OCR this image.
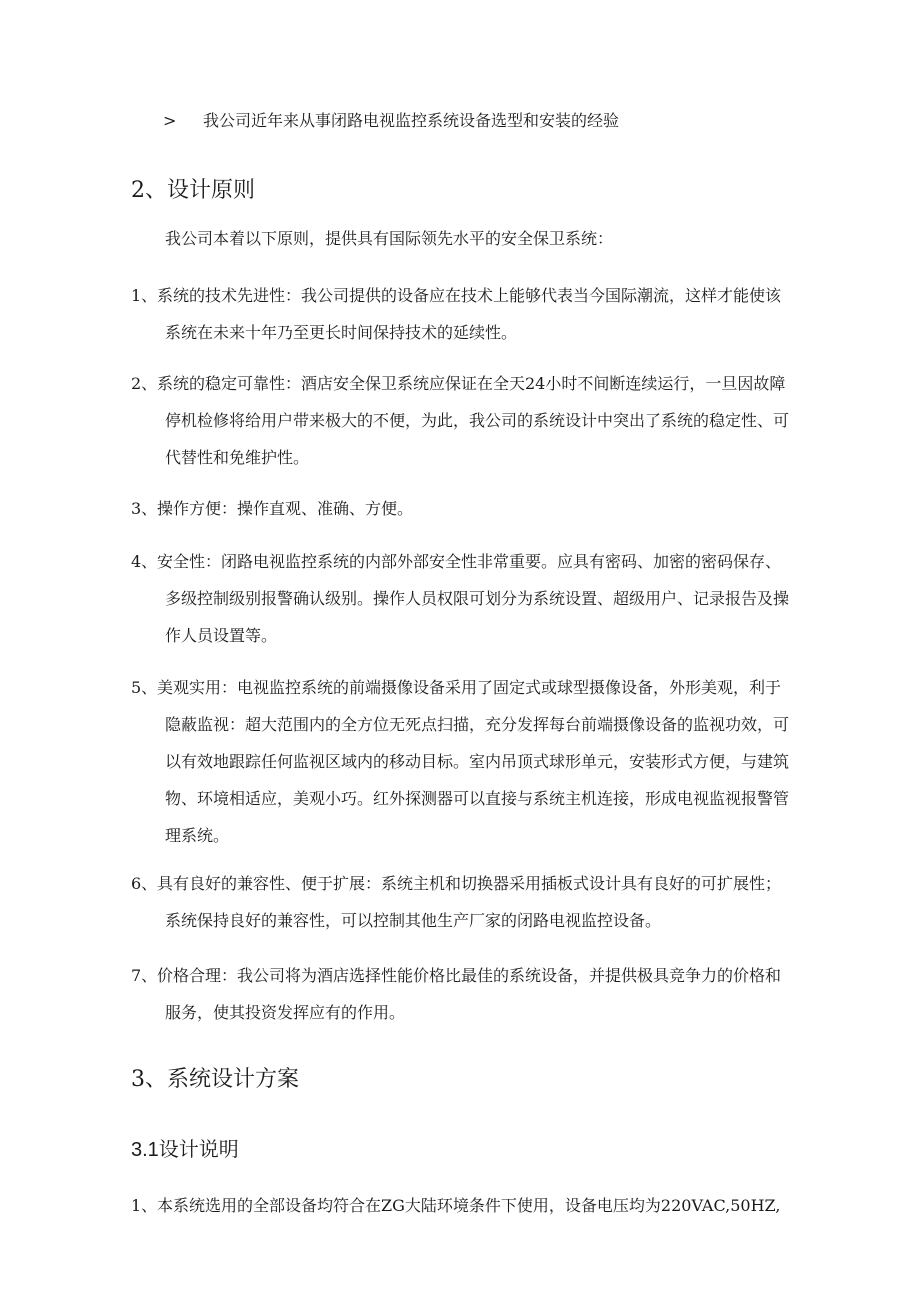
> 我公司近年来从事闭路电视监控系统设备选型和安装的经验
2、设计原则
我公司本着以下原则，提供具有国际领先水平的安全保卫系统：
1、 系统的技术先进性：我公司提供的设备应在技术上能够代表当今国际潮流，这样才能使该系统在未来十年乃至更长时间保持技术的延续性。
2、 系统的稳定可靠性：酒店安全保卫系统应保证在全天24小时不间断连续运行，一旦因故障停机检修将给用户带来极大的不便，为此，我公司的系统设计中突出了系统的稳定性、可代替性和免维护性。
3、 操作方便：操作直观、准确、方便。
4、 安全性：闭路电视监控系统的内部外部安全性非常重要。应具有密码、加密的密码保存、多级控制级别报警确认级别。操作人员权限可划分为系统设置、超级用户、记录报告及操作人员设置等。
5、 美观实用：电视监控系统的前端摄像设备采用了固定式或球型摄像设备，外形美观，利于隐蔽监视：超大范围内的全方位无死点扫描，充分发挥每台前端摄像设备的监视功效，可以有效地跟踪任何监视区域内的移动目标。室内吊顶式球形单元，安装形式方便，与建筑物、环境相适应，美观小巧。红外探测器可以直接与系统主机连接，形成电视监视报警管理系统。
6、 具有良好的兼容性、便于扩展：系统主机和切换器采用插板式设计具有良好的可扩展性；系统保持良好的兼容性，可以控制其他生产厂家的闭路电视监控设备。
7、 价格合理：我公司将为酒店选择性能价格比最佳的系统设备，并提供极具竞争力的价格和服务，使其投资发挥应有的作用。
3、系统设计方案
3.1设计说明
1、 本系统选用的全部设备均符合在ZG大陆环境条件下使用，设备电压均为220VAC,50HZ,
